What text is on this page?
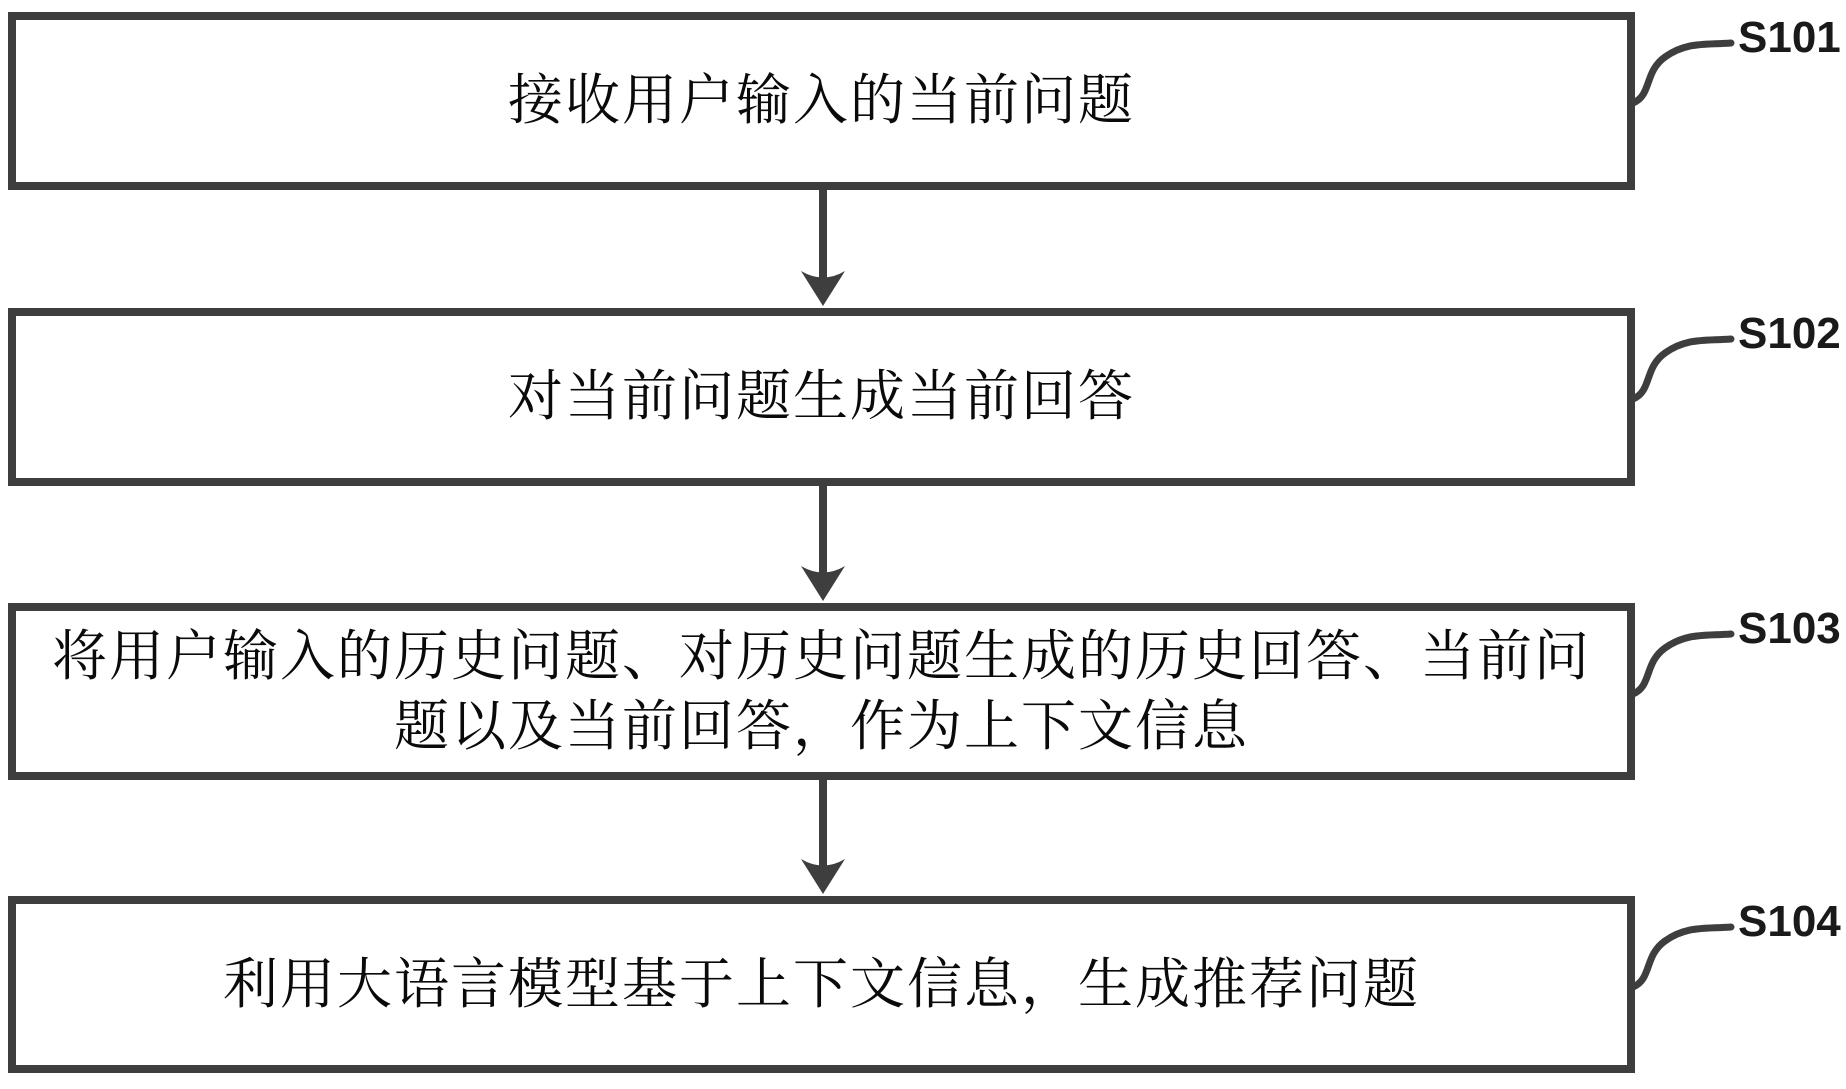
接收用户输入的当前问题
对当前问题生成当前回答
将用户输入的历史问题、对历史问题生成的历史回答、当前问
题以及当前回答，作为上下文信息
利用大语言模型基于上下文信息，生成推荐问题
S101
S102
S103
S104
